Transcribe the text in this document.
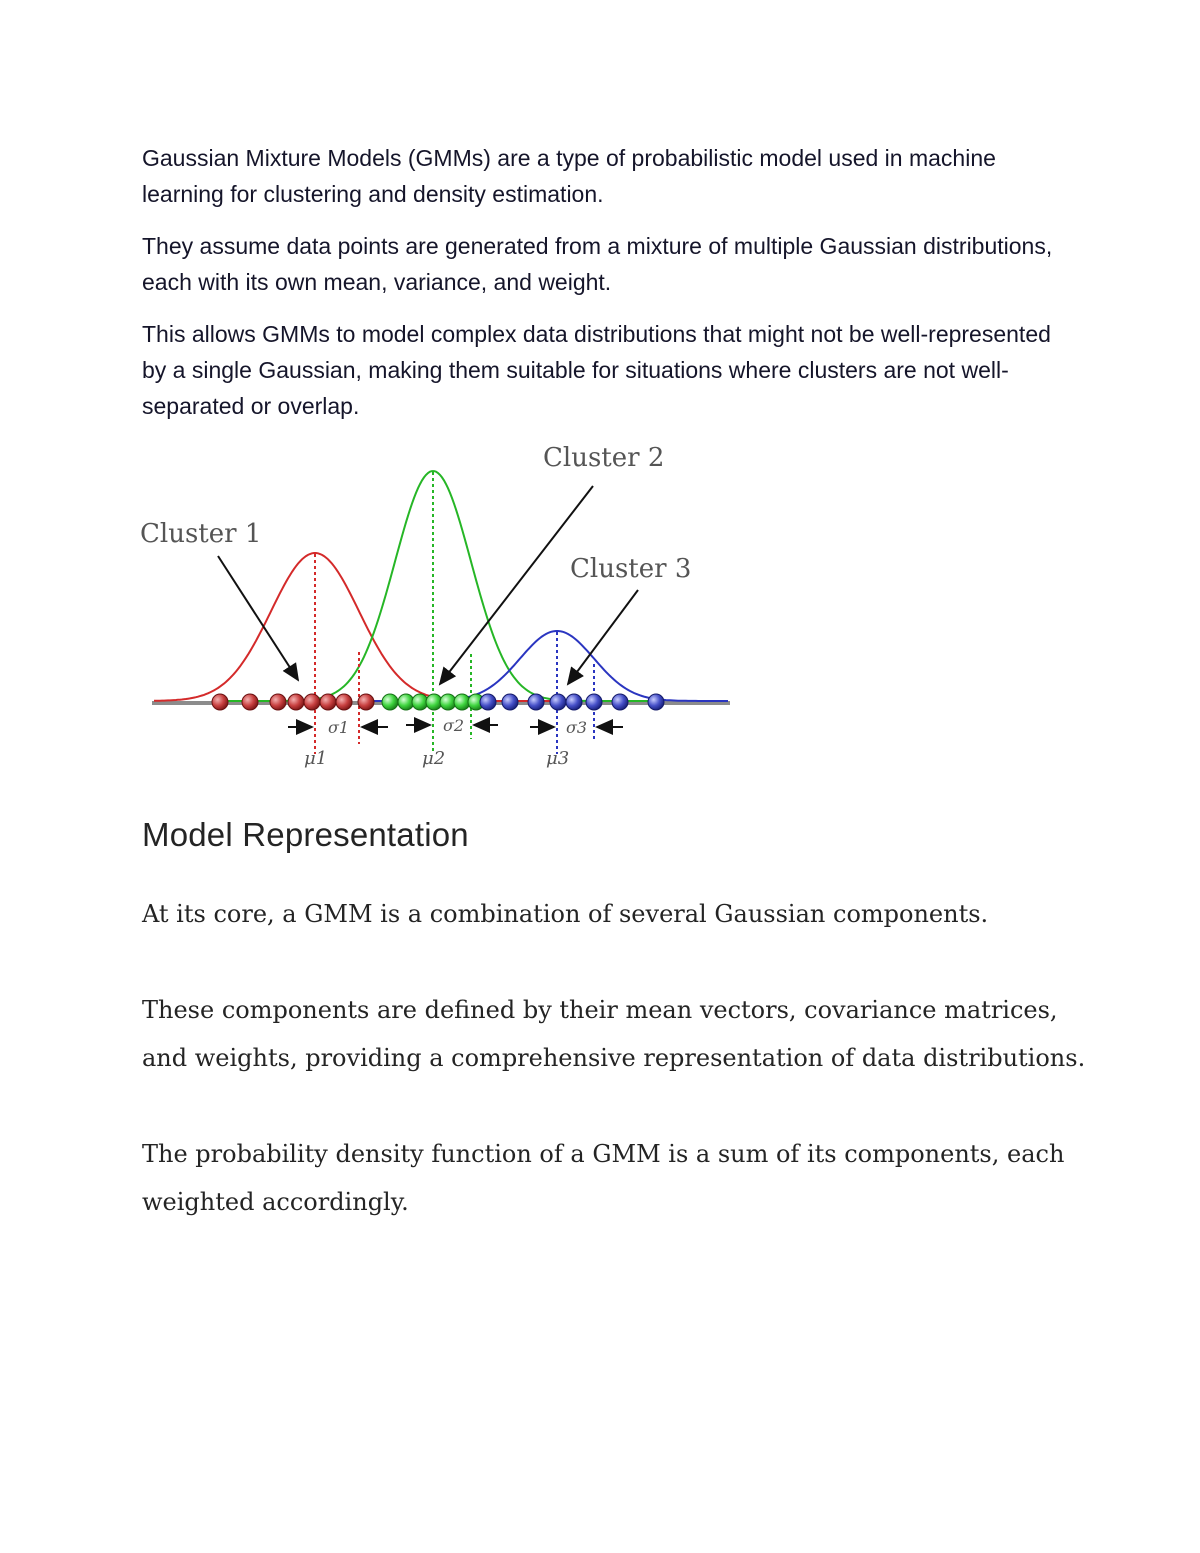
Gaussian Mixture Models (GMMs) are a type of probabilistic model used in machine learning for clustering and density estimation.

They assume data points are generated from a mixture of multiple Gaussian distributions, each with its own mean, variance, and weight.

This allows GMMs to model complex data distributions that might not be well-represented by a single Gaussian, making them suitable for situations where clusters are not well-separated or overlap.

Cluster 1
Cluster 2
Cluster 3
σ1	σ2	σ3
μ1	μ2	μ3
Model Representation

At its core, a GMM is a combination of several Gaussian components.

These components are defined by their mean vectors, covariance matrices, and weights, providing a comprehensive representation of data distributions.

The probability density function of a GMM is a sum of its components, each weighted accordingly.
